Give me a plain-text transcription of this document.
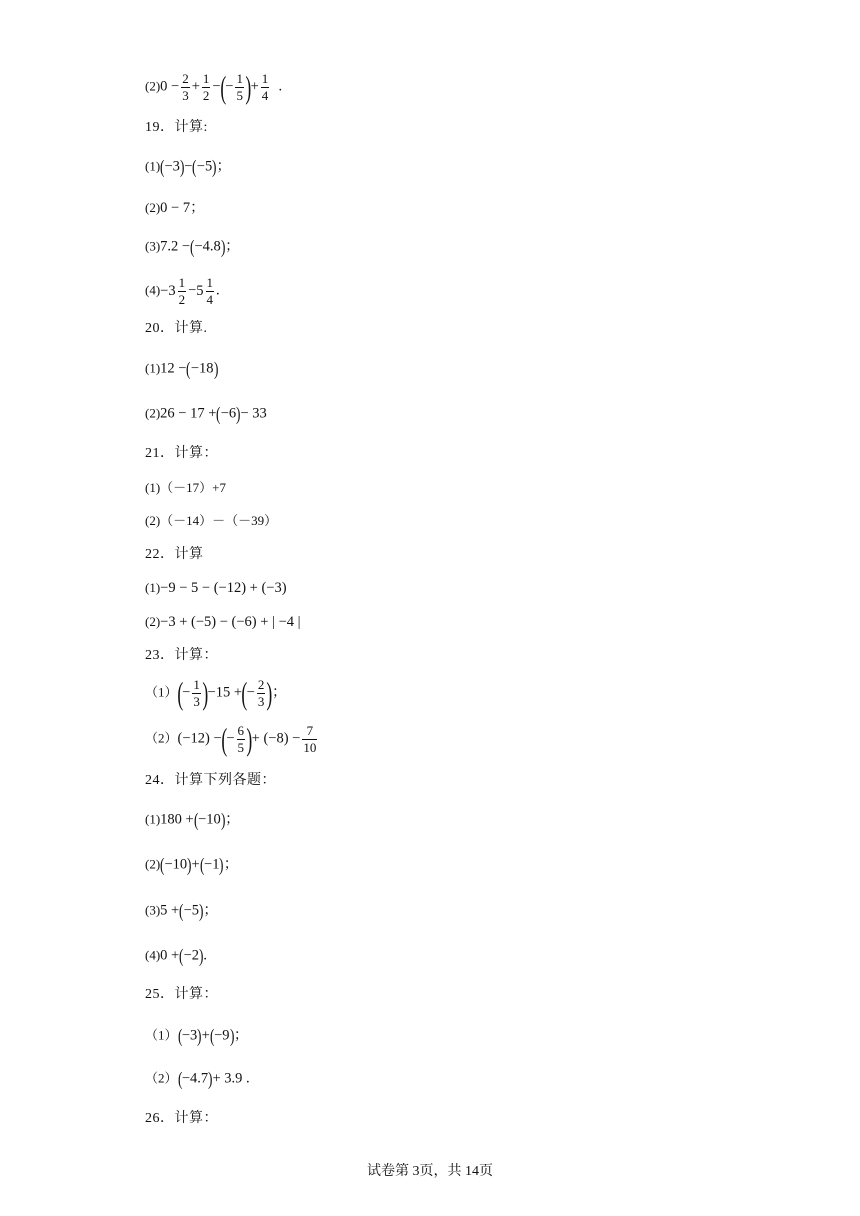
$(2)0 - \frac{2}{3} + \frac{1}{2}$ −(− $\frac{1}{5}$ )+ $\frac{1}{4}$ .
19．计算:
(1)(−3)−(−5)；
(2)0 − 7；
(3)7.2 −(−4.8)；
(4) −3
1
2
− 5
1
4
.
20．计算.
(1)12 −(−18)
(2)26 − 17 +(−6)− 33
21．计算：
(1)（－17）+7
(2)（－14）－（－39）
22．计算
(1)−9 − 5 − (−12) + (−3)
(2)−3 + (−5) − (−6) + | −4 |
23．计算：
$(1)(- \frac{1}{3} )-15$ +(− $\frac{2}{3}$ )；
（2）(−12) −(− $\frac{6}{5}$ )+ $(-8) - \frac{7}{10}$
24．计算下列各题：
(1)180 +(−10)；
(2)(−10)+(−1)；
(3)5 +(−5)；
(4)0 +(−2).
25．计算：
（1）(−3)+(−9)；
（2）(−4.7)+ 3.9 .
26．计算：
试卷第 3页，共 14页
